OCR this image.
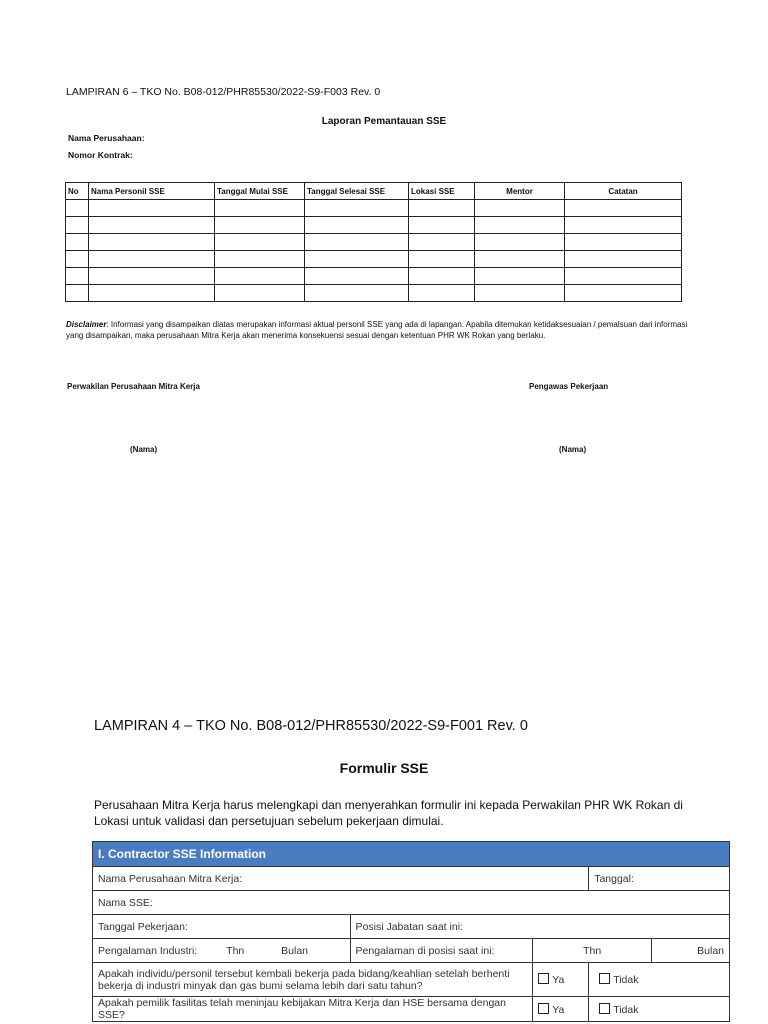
LAMPIRAN 6 – TKO No. B08-012/PHR85530/2022-S9-F003 Rev. 0
Laporan Pemantauan SSE
Nama Perusahaan:
Nomor Kontrak:
No	Nama Personil SSE	Tanggal Mulai SSE	Tanggal Selesai SSE	Lokasi SSE	Mentor	Catatan

Disclaimer: Informasi yang disampaikan diatas merupakan informasi aktual personil SSE yang ada di lapangan. Apabila ditemukan ketidaksesuaian / pemalsuan dari informasi yang disampaikan, maka perusahaan Mitra Kerja akan menerima konsekuensi sesuai dengan ketentuan PHR WK Rokan yang berlaku.
Perwakilan Perusahaan Mitra Kerja	Pengawas Pekerjaan
(Nama)	(Nama)
LAMPIRAN 4 – TKO No. B08-012/PHR85530/2022-S9-F001 Rev. 0
Formulir SSE
Perusahaan Mitra Kerja harus melengkapi dan menyerahkan formulir ini kepada Perwakilan PHR WK Rokan di Lokasi untuk validasi dan persetujuan sebelum pekerjaan dimulai.
I. Contractor SSE Information				
Nama Perusahaan Mitra Kerja:			Tanggal:	
Nama SSE:				
Tanggal Pekerjaan:	Posisi Jabatan saat ini:			
Pengalaman Industri: Thn Bulan	Pengalaman di posisi saat ini:	Thn		Bulan
Apakah individu/personil tersebut kembali bekerja pada bidang/keahlian setelah berhenti bekerja di industri minyak dan gas bumi selama lebih dari satu tahun?		Ya	Tidak	
Apakah pemilik fasilitas telah meninjau kebijakan Mitra Kerja dan HSE bersama dengan SSE?		Ya	Tidak	
